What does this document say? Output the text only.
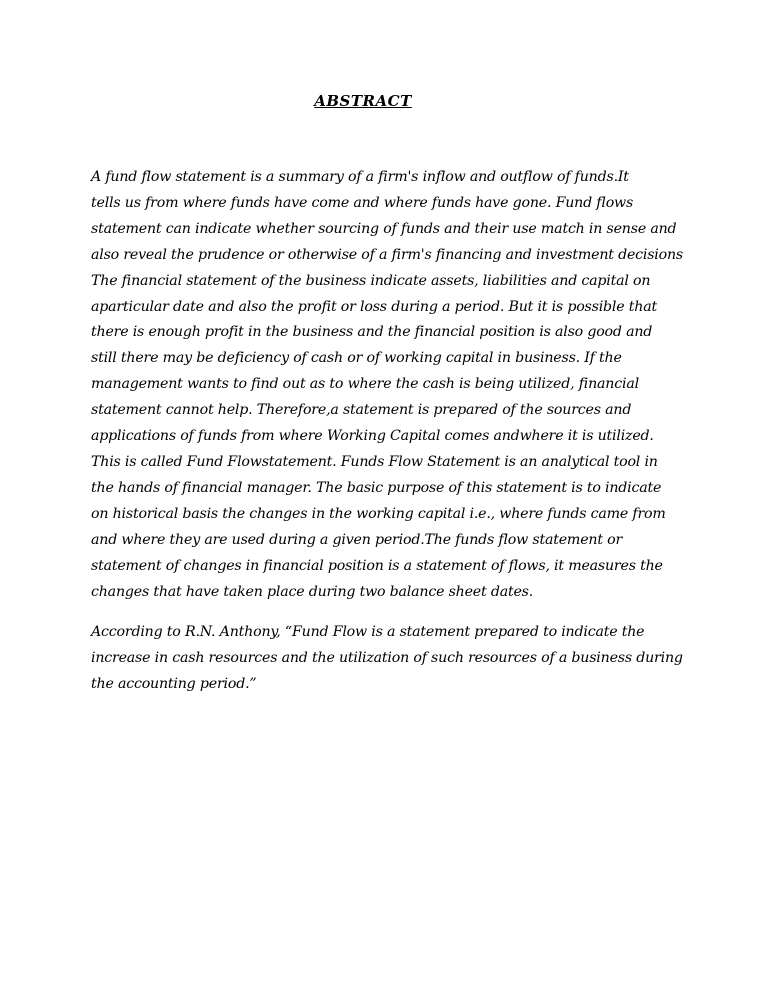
ABSTRACT

A fund flow statement is a summary of a firm's inflow and outflow of funds.It
tells us from where funds have come and where funds have gone. Fund flows
statement can indicate whether sourcing of funds and their use match in sense and
also reveal the prudence or otherwise of a firm's financing and investment decisions
The financial statement of the business indicate assets, liabilities and capital on
aparticular date and also the profit or loss during a period. But it is possible that
there is enough profit in the business and the financial position is also good and
still there may be deficiency of cash or of working capital in business. If the
management wants to find out as to where the cash is being utilized, financial
statement cannot help. Therefore,a statement is prepared of the sources and
applications of funds from where Working Capital comes andwhere it is utilized.
This is called Fund Flowstatement. Funds Flow Statement is an analytical tool in
the hands of financial manager. The basic purpose of this statement is to indicate
on historical basis the changes in the working capital i.e., where funds came from
and where they are used during a given period.The funds flow statement or
statement of changes in financial position is a statement of flows, it measures the
changes that have taken place during two balance sheet dates.

According to R.N. Anthony, “Fund Flow is a statement prepared to indicate the
increase in cash resources and the utilization of such resources of a business during
the accounting period.”
